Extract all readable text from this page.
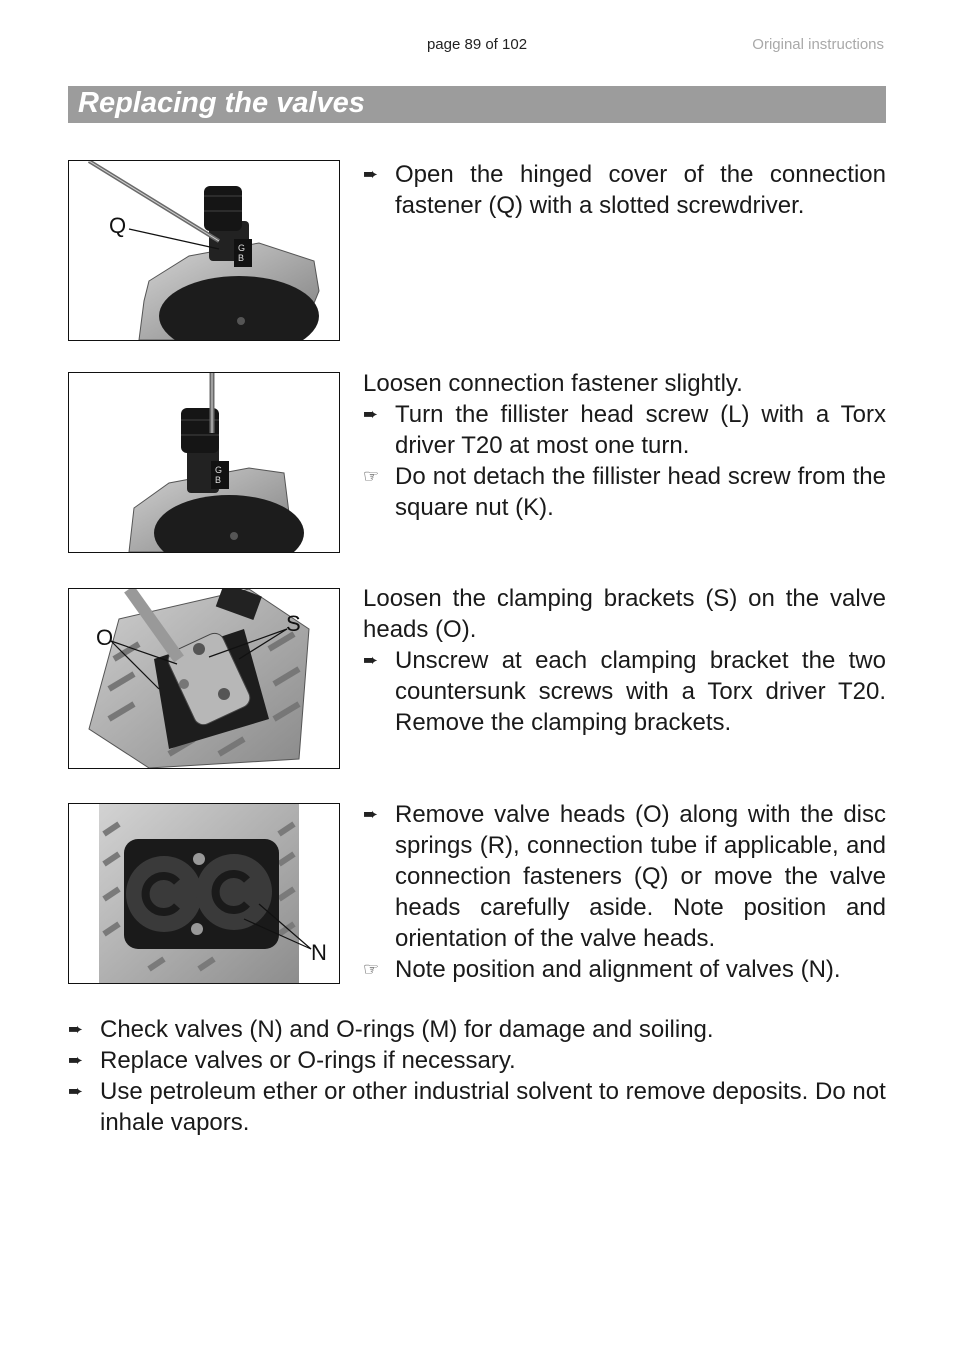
page 89 of 102	Original instructions
Replacing the valves
G
B
Q
G
B
O
S
N
➨ Open the hinged cover of the connection fastener (Q) with a slotted screwdriver.
Loosen connection fastener slightly.
➨ Turn the fillister head screw (L) with a Torx driver T20 at most one turn.
☞ Do not detach the fillister head screw from the square nut (K).
Loosen the clamping brackets (S) on the valve heads (O).
➨ Unscrew at each clamping bracket the two countersunk screws with a Torx driver T20. Remove the clamping brackets.
➨ Remove valve heads (O) along with the disc springs (R), connection tube if applicable, and connection fasteners (Q) or move the valve heads carefully aside. Note position and orientation of the valve heads.
☞ Note position and alignment of valves (N).
➨ Check valves (N) and O-rings (M) for damage and soiling.
➨ Replace valves or O-rings if necessary.
➨ Use petroleum ether or other industrial solvent to remove deposits. Do not inhale vapors.
